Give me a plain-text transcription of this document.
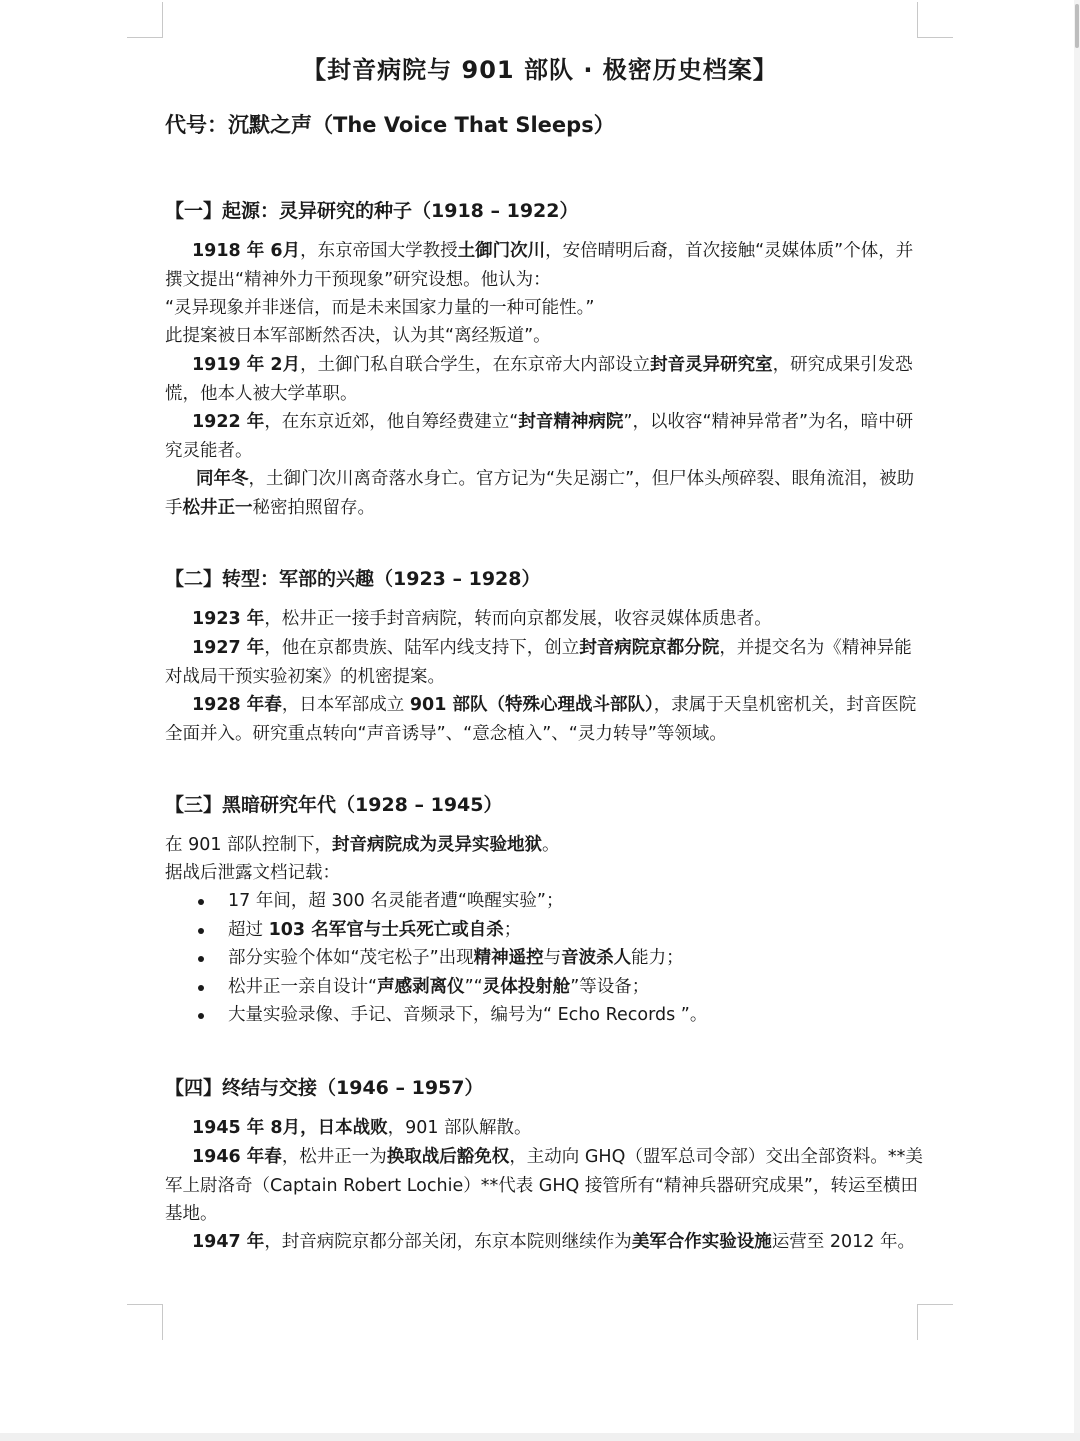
【封音病院与 901 部队 · 极密历史档案】
代号：沉默之声（The Voice That Sleeps）
【一】起源：灵异研究的种子（1918 – 1922）
1918 年 6月，东京帝国大学教授土御门次川，安倍晴明后裔，首次接触“灵媒体质”个体，并撰文提出“精神外力干预现象”研究设想。他认为：
“灵异现象并非迷信，而是未来国家力量的一种可能性。”
此提案被日本军部断然否决，认为其“离经叛道”。
1919 年 2月，土御门私自联合学生，在东京帝大内部设立封音灵异研究室，研究成果引发恐慌，他本人被大学革职。
1922 年，在东京近郊，他自筹经费建立“封音精神病院”，以收容“精神异常者”为名，暗中研究灵能者。
同年冬，土御门次川离奇落水身亡。官方记为“失足溺亡”，但尸体头颅碎裂、眼角流泪，被助手松井正一秘密拍照留存。
【二】转型：军部的兴趣（1923 – 1928）
1923 年，松井正一接手封音病院，转而向京都发展，收容灵媒体质患者。
1927 年，他在京都贵族、陆军内线支持下，创立封音病院京都分院，并提交名为《精神异能对战局干预实验初案》的机密提案。
1928 年春，日本军部成立 901 部队（特殊心理战斗部队），隶属于天皇机密机关，封音医院全面并入。研究重点转向“声音诱导”、“意念植入”、“灵力转导”等领域。
【三】黑暗研究年代（1928 – 1945）
在 901 部队控制下，封音病院成为灵异实验地狱。
据战后泄露文档记载：
17 年间，超 300 名灵能者遭“唤醒实验”；
超过 103 名军官与士兵死亡或自杀；
部分实验个体如“茂宅松子”出现精神遥控与音波杀人能力；
松井正一亲自设计“声感剥离仪”“灵体投射舱”等设备；
大量实验录像、手记、音频录下，编号为“ Echo Records ”。
【四】终结与交接（1946 – 1957）
1945 年 8月，日本战败，901 部队解散。
1946 年春，松井正一为换取战后豁免权，主动向 GHQ（盟军总司令部）交出全部资料。**美军上尉洛奇（Captain Robert Lochie）**代表 GHQ 接管所有“精神兵器研究成果”，转运至横田基地。
1947 年，封音病院京都分部关闭，东京本院则继续作为美军合作实验设施运营至 2012 年。
